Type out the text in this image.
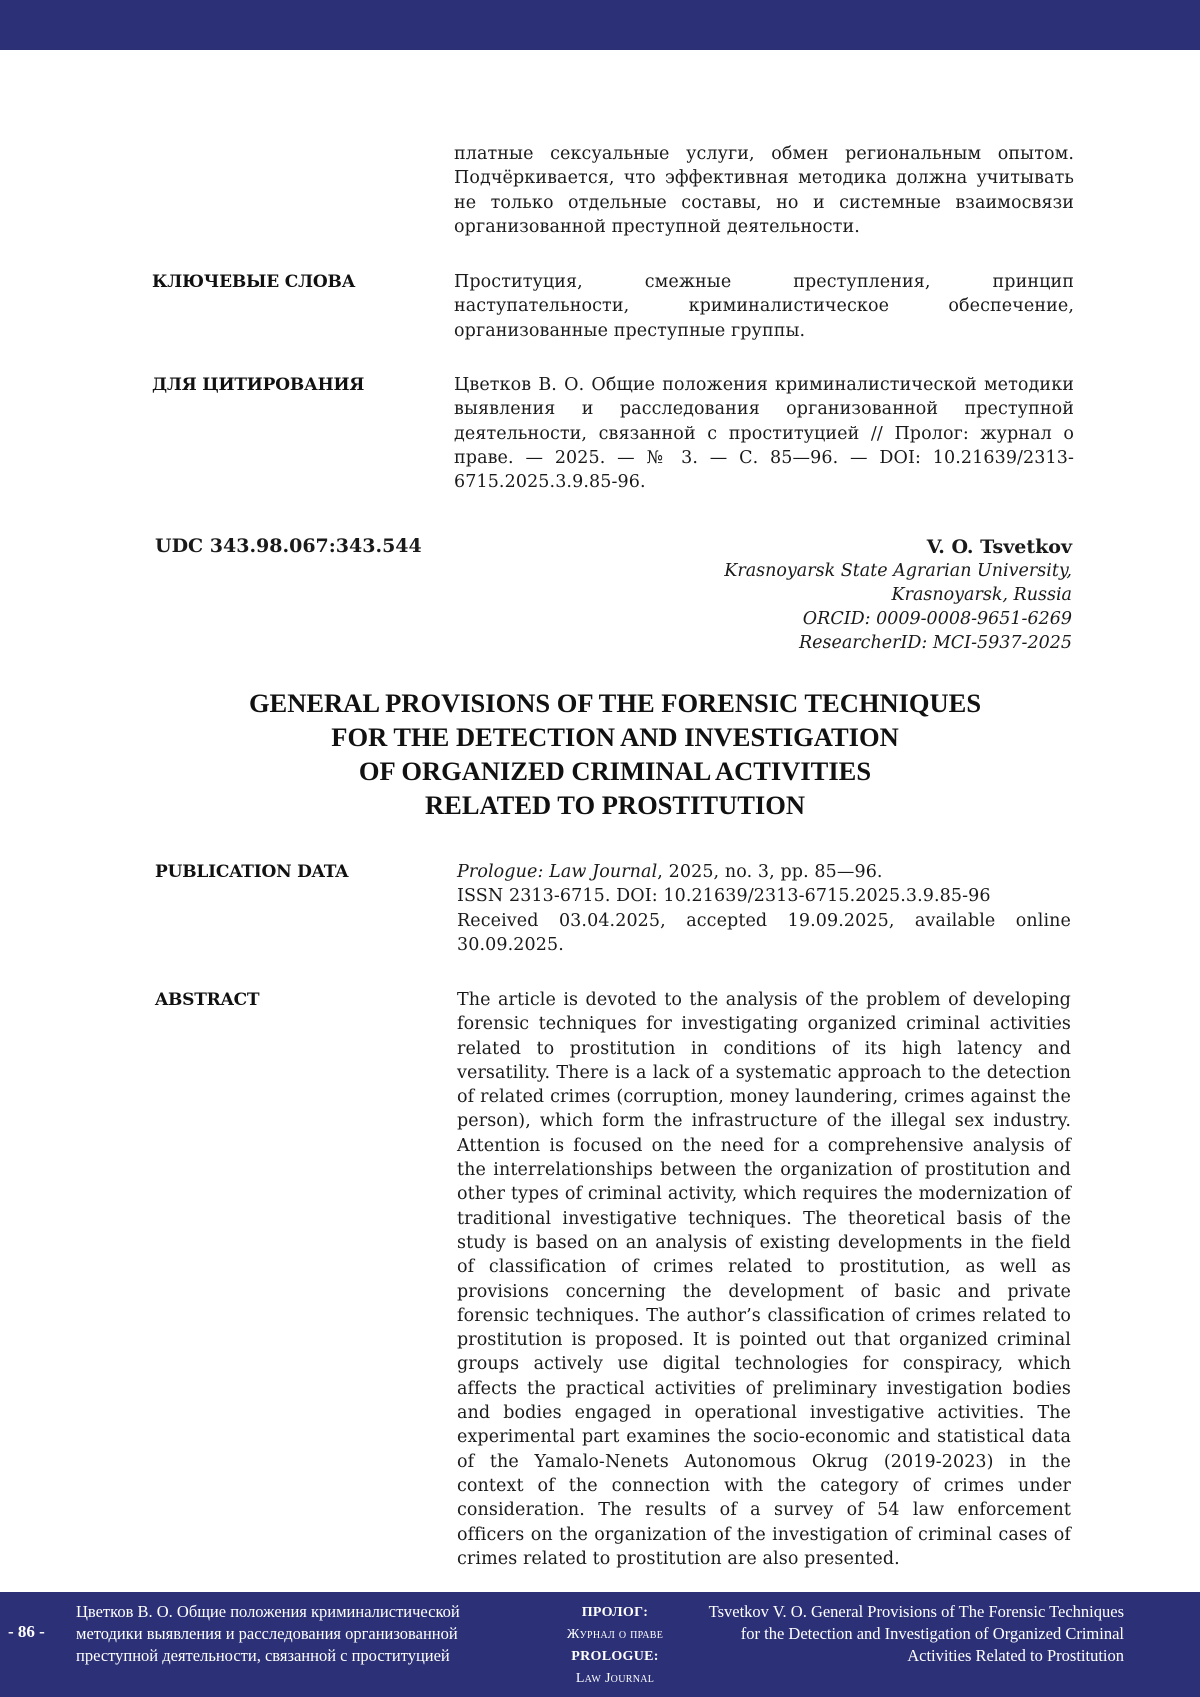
платные сексуальные услуги, обмен региональным опытом. Подчёркивается, что эффективная методика должна учитывать не только отдельные составы, но и системные взаимосвязи организованной преступной деятельности.
КЛЮЧЕВЫЕ СЛОВА	Проституция, смежные преступления, принцип наступательности, криминалистическое обеспечение, организованные преступные группы.
ДЛЯ ЦИТИРОВАНИЯ	Цветков В. О. Общие положения криминалистической методики выявления и расследования организованной преступной деятельности, связанной с проституцией // Пролог: журнал о праве. — 2025. — № 3. — С. 85—96. — DOI: 10.21639/2313-6715.2025.3.9.85-96.
UDC 343.98.067:343.544	V. O. Tsvetkov
Krasnoyarsk State Agrarian University,
Krasnoyarsk, Russia
ORCID: 0009-0008-9651-6269
ResearcherID: MCI-5937-2025
GENERAL PROVISIONS OF THE FORENSIC TECHNIQUES
FOR THE DETECTION AND INVESTIGATION
OF ORGANIZED CRIMINAL ACTIVITIES
RELATED TO PROSTITUTION
PUBLICATION DATA	Prologue: Law Journal, 2025, no. 3, pp. 85—96.

ISSN 2313-6715. DOI: 10.21639/2313-6715.2025.3.9.85-96

Received 03.04.2025, accepted 19.09.2025, available online 30.09.2025.

ABSTRACT	The article is devoted to the analysis of the problem of developing forensic techniques for investigating organized criminal activities related to prostitution in conditions of its high latency and versatility. There is a lack of a systematic approach to the detection of related crimes (corruption, money laundering, crimes against the person), which form the infrastructure of the illegal sex industry. Attention is focused on the need for a comprehensive analysis of the interrelationships between the organization of prostitution and other types of criminal activity, which requires the modernization of traditional investigative techniques. The theoretical basis of the study is based on an analysis of existing developments in the field of classification of crimes related to prostitution, as well as provisions concerning the development of basic and private forensic techniques. The author’s classification of crimes related to prostitution is proposed. It is pointed out that organized criminal groups actively use digital technologies for conspiracy, which affects the practical activities of preliminary investigation bodies and bodies engaged in operational investigative activities. The experimental part examines the socio-economic and statistical data of the Yamalo-Nenets Autonomous Okrug (2019-2023) in the context of the connection with the category of crimes under consideration. The results of a survey of 54 law enforcement officers on the organization of the investigation of criminal cases of crimes related to prostitution are also presented.
- 86 -
Цветков В. О. Общие положения криминалистической методики выявления и расследования организованной преступной деятельности, связанной с проституцией
ПРОЛОГ:
Журнал о праве
PROLOGUE:
Law Journal
Tsvetkov V. O. General Provisions of The Forensic Techniques for the Detection and Investigation of Organized Criminal Activities Related to Prostitution
